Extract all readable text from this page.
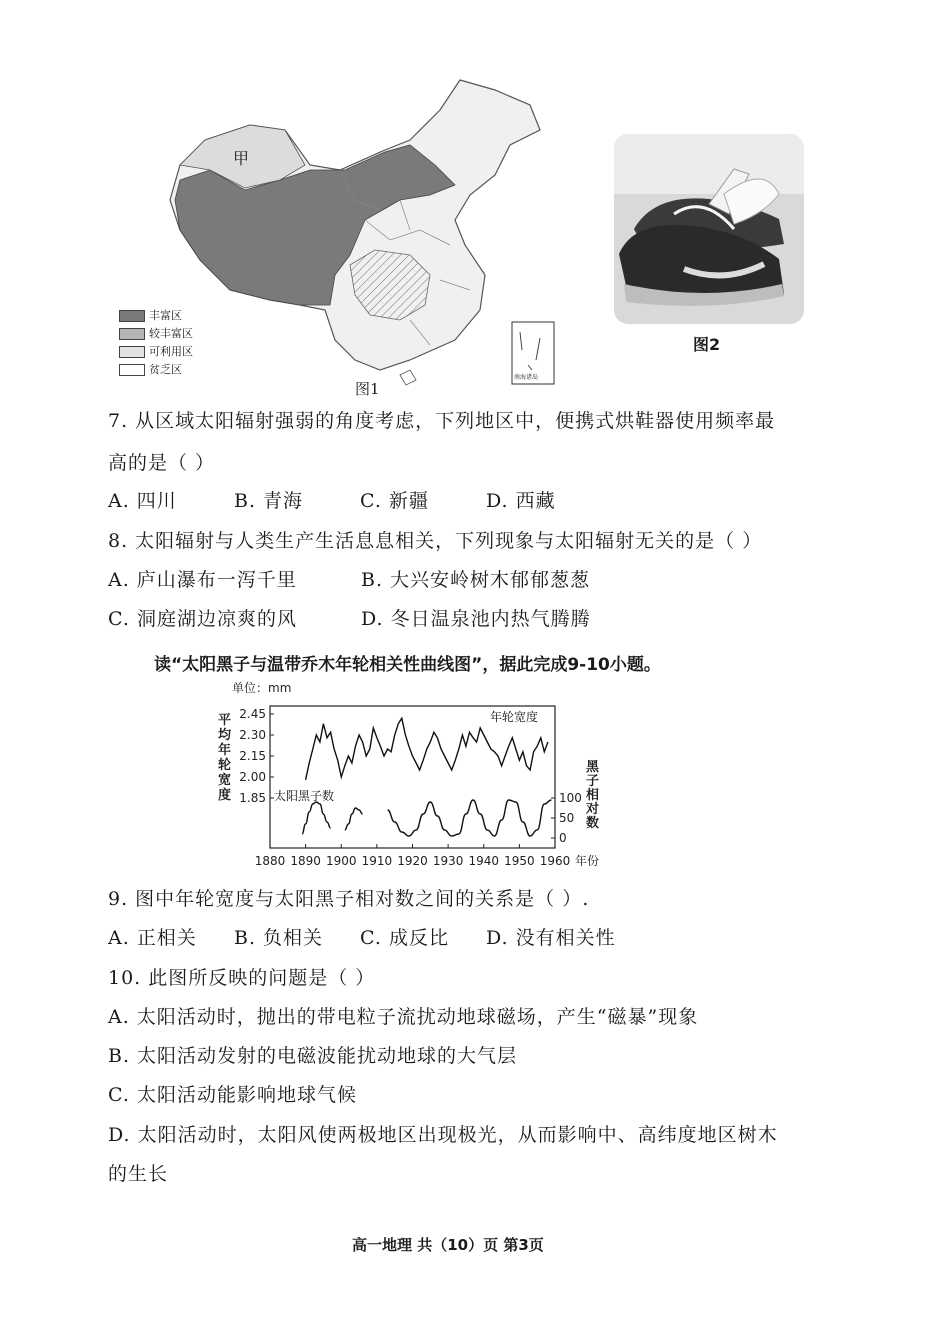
甲
南海诸岛
图1
丰富区
较丰富区
可利用区
贫乏区
图2
7. 从区域太阳辐射强弱的角度考虑，下列地区中，便携式烘鞋器使用频率最
高的是（ ）
A. 四川	B. 青海	C. 新疆	D. 西藏
8. 太阳辐射与人类生产生活息息相关，下列现象与太阳辐射无关的是（ ）
A. 庐山瀑布一泻千里	B. 大兴安岭树木郁郁葱葱
C. 洞庭湖边凉爽的风	D. 冬日温泉池内热气腾腾
读“太阳黑子与温带乔木年轮相关性曲线图”，据此完成9-10小题。
单位：mm
平
均
年
轮
宽
度
黑
子
相
对
数
2.45
2.30
2.15
2.00
1.85	100
50
0
1880 1890 1900 1910 1920 1930 1940 1950 1960 年份
年轮宽度
太阳黑子数
9. 图中年轮宽度与太阳黑子相对数之间的关系是（ ）.
A. 正相关 B. 负相关 C. 成反比 D. 没有相关性
10. 此图所反映的问题是（ ）
A. 太阳活动时，抛出的带电粒子流扰动地球磁场，产生“磁暴”现象
B. 太阳活动发射的电磁波能扰动地球的大气层
C. 太阳活动能影响地球气候
D. 太阳活动时，太阳风使两极地区出现极光，从而影响中、高纬度地区树木
的生长
高一地理 共（10）页 第3页
